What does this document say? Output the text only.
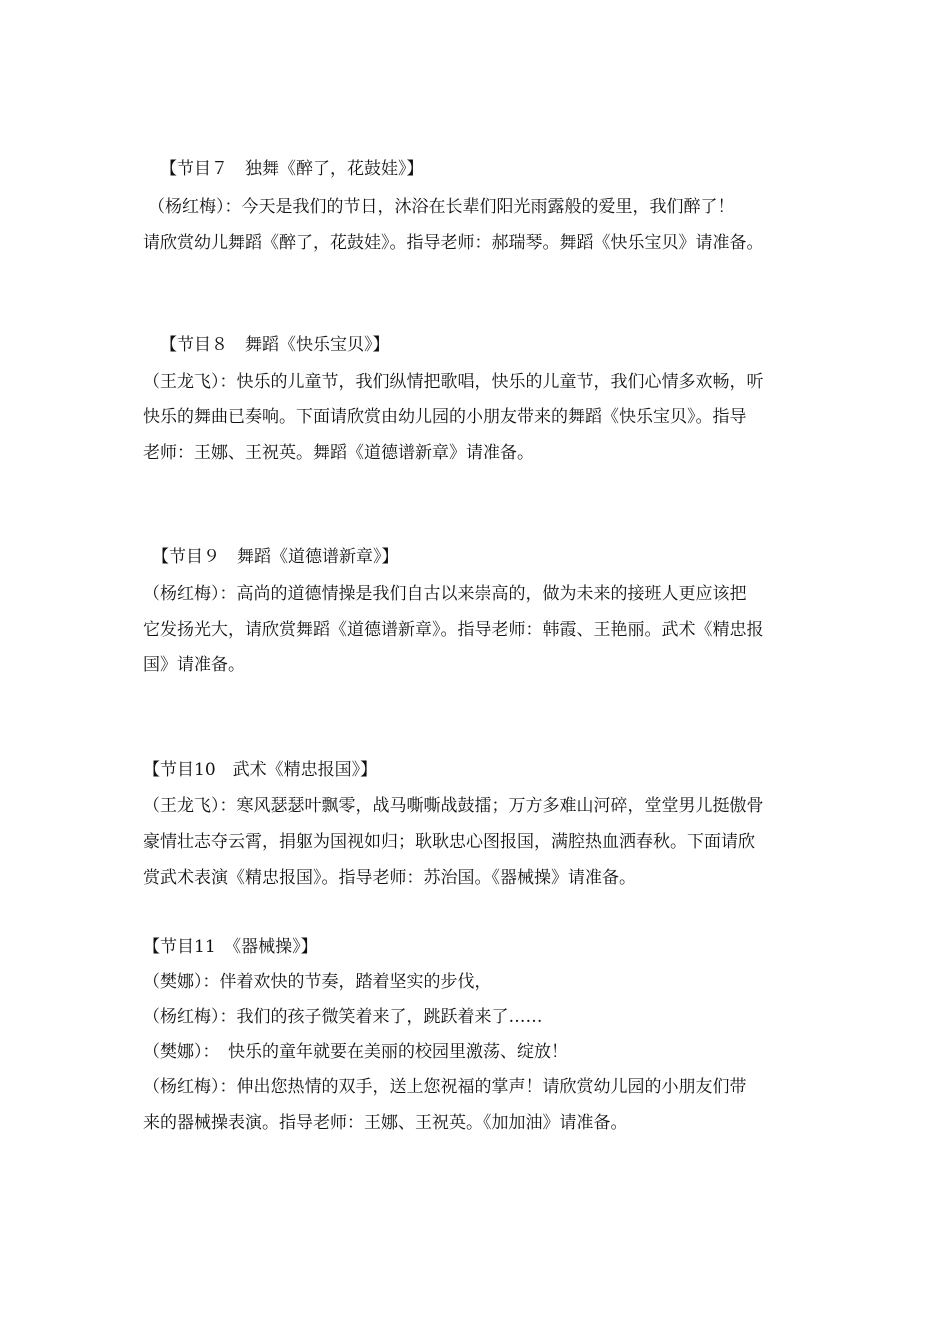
【节目７　独舞《醉了，花鼓娃》】
（杨红梅）：今天是我们的节日，沐浴在长辈们阳光雨露般的爱里，我们醉了！
请欣赏幼儿舞蹈《醉了，花鼓娃》。指导老师：郝瑞琴。舞蹈《快乐宝贝》请准备。
【节目８　舞蹈《快乐宝贝》】
（王龙飞）：快乐的儿童节，我们纵情把歌唱，快乐的儿童节，我们心情多欢畅，听
快乐的舞曲已奏响。下面请欣赏由幼儿园的小朋友带来的舞蹈《快乐宝贝》。指导
老师：王娜、王祝英。舞蹈《道德谱新章》请准备。
【节目９　舞蹈《道德谱新章》】
（杨红梅）：高尚的道德情操是我们自古以来崇高的，做为未来的接班人更应该把
它发扬光大，请欣赏舞蹈《道德谱新章》。指导老师：韩霞、王艳丽。武术《精忠报
国》请准备。
【节目10　武术《精忠报国》】
（王龙飞）：寒风瑟瑟叶飘零，战马嘶嘶战鼓擂；万方多难山河碎，堂堂男儿挺傲骨
豪情壮志夺云霄，捐躯为国视如归；耿耿忠心图报国，满腔热血洒春秋。下面请欣
赏武术表演《精忠报国》。指导老师：苏治国。《器械操》请准备。
【节目11　《器械操》】
（樊娜）：伴着欢快的节奏，踏着坚实的步伐，
（杨红梅）：我们的孩子微笑着来了，跳跃着来了……
（樊娜）：　快乐的童年就要在美丽的校园里激荡、绽放！
（杨红梅）：伸出您热情的双手，送上您祝福的掌声！请欣赏幼儿园的小朋友们带
来的器械操表演。指导老师：王娜、王祝英。《加加油》请准备。
